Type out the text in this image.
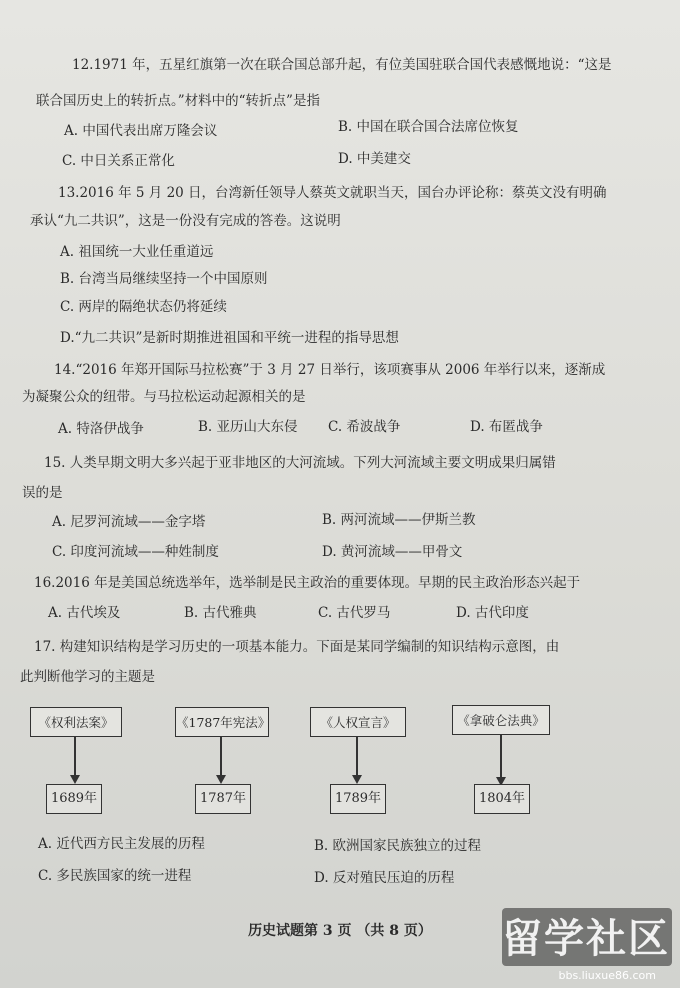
12.1971 年，五星红旗第一次在联合国总部升起，有位美国驻联合国代表感慨地说：“这是
联合国历史上的转折点。”材料中的“转折点”是指
A. 中国代表出席万隆会议	B. 中国在联合国合法席位恢复
C. 中日关系正常化	D. 中美建交
13.2016 年 5 月 20 日，台湾新任领导人蔡英文就职当天，国台办评论称：蔡英文没有明确
承认“九二共识”，这是一份没有完成的答卷。这说明
A. 祖国统一大业任重道远
B. 台湾当局继续坚持一个中国原则
C. 两岸的隔绝状态仍将延续
D.“九二共识”是新时期推进祖国和平统一进程的指导思想
14.“2016 年郑开国际马拉松赛”于 3 月 27 日举行，该项赛事从 2006 年举行以来，逐渐成
为凝聚公众的纽带。与马拉松运动起源相关的是
A. 特洛伊战争	B. 亚历山大东侵 C. 希波战争	D. 布匿战争
15. 人类早期文明大多兴起于亚非地区的大河流域。下列大河流域主要文明成果归属错
误的是
A. 尼罗河流域——金字塔	B. 两河流域——伊斯兰教
C. 印度河流域——种姓制度	D. 黄河流域——甲骨文
16.2016 年是美国总统选举年，选举制是民主政治的重要体现。早期的民主政治形态兴起于
A. 古代埃及	B. 古代雅典	C. 古代罗马	D. 古代印度
17. 构建知识结构是学习历史的一项基本能力。下面是某同学编制的知识结构示意图，由
此判断他学习的主题是
《权利法案》
1689年
《1787年宪法》
1787年
《人权宣言》
1789年
《拿破仑法典》
1804年
A. 近代西方民主发展的历程	B. 欧洲国家民族独立的过程
C. 多民族国家的统一进程	D. 反对殖民压迫的历程
历史试题第 3 页 （共 8 页）	留学社区
bbs.liuxue86.com
